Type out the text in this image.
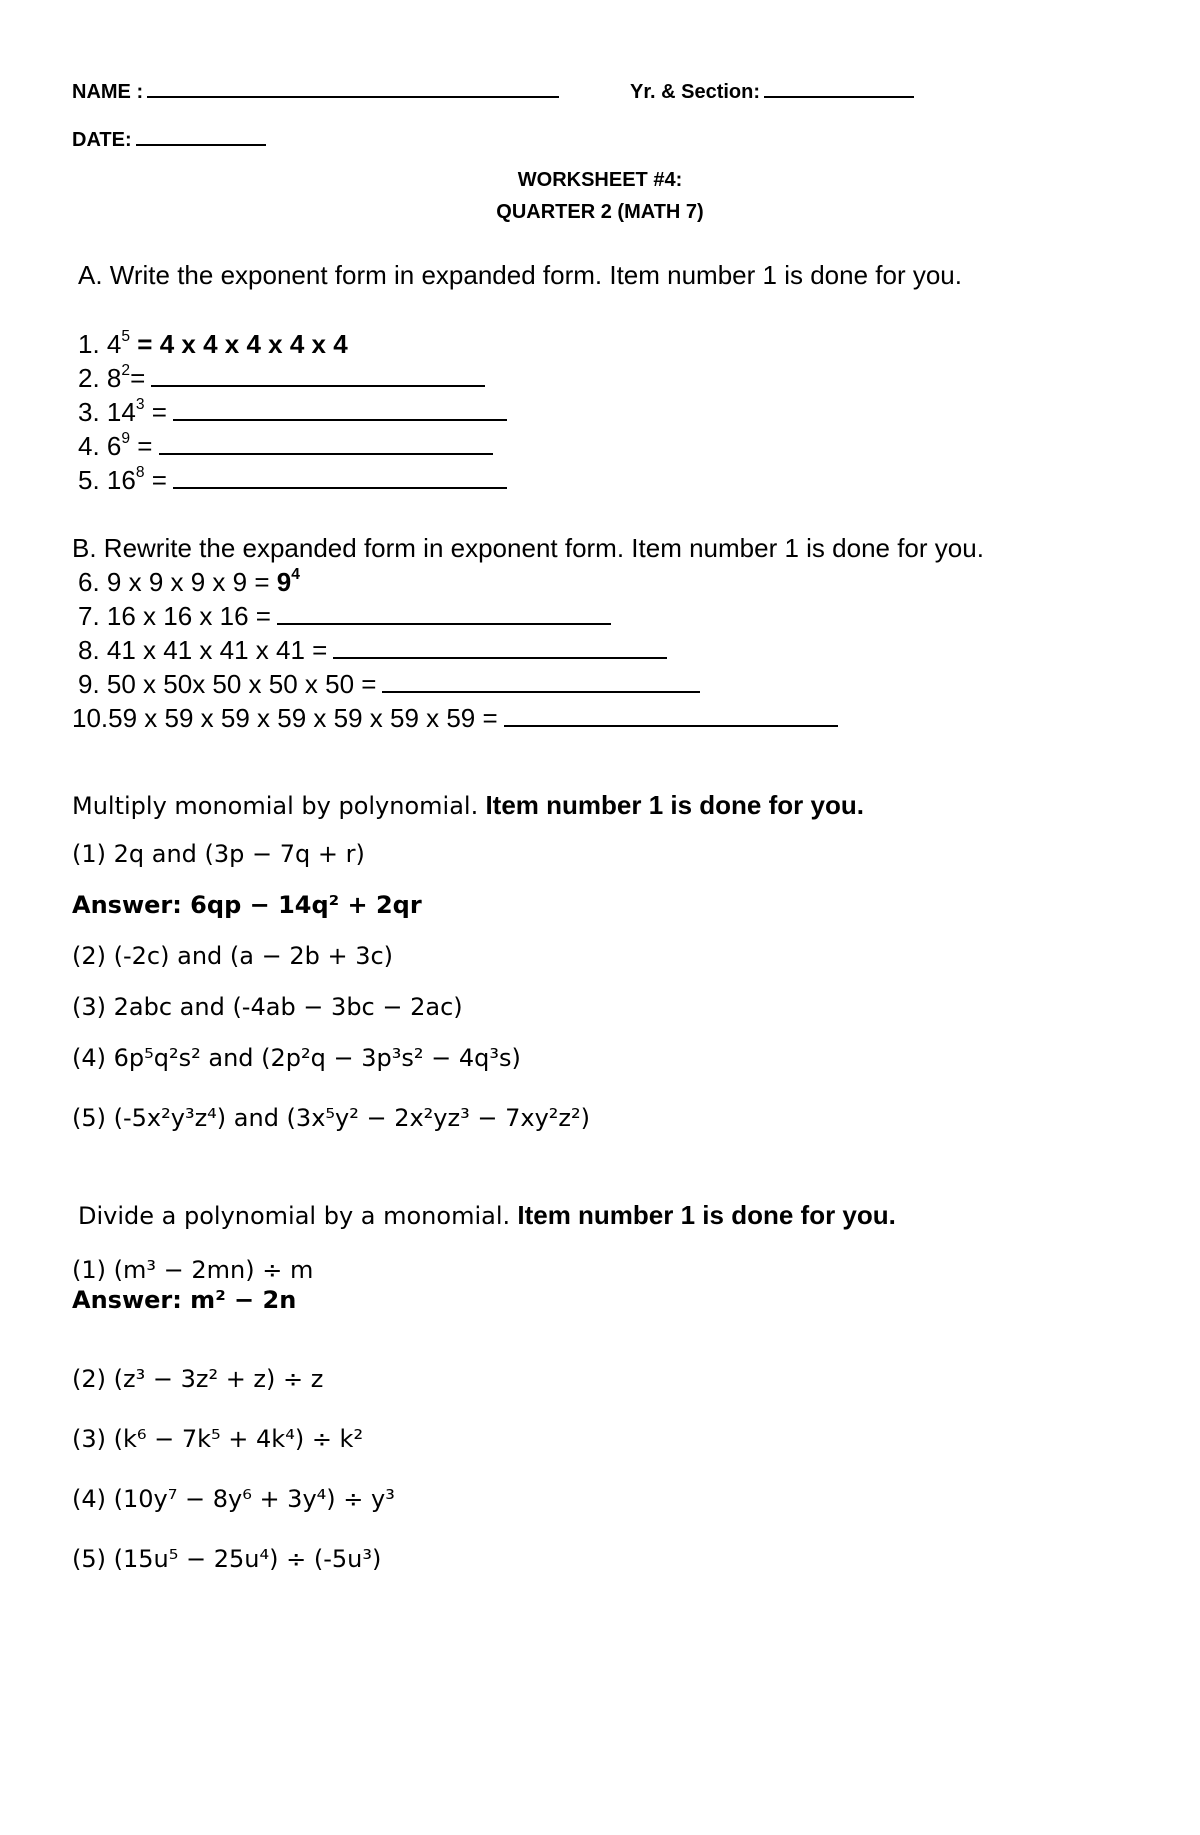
NAME :	Yr. & Section:
DATE:
WORKSHEET #4:
QUARTER 2 (MATH 7)
A. Write the exponent form in expanded form. Item number 1 is done for you.
1. $4^5 = 4$ x 4 x 4 x 4 x 4
2. $8^2=$
3. $14^3$ =
4. $6^9$ =
5. $16^8$ =
B. Rewrite the expanded form in exponent form. Item number 1 is done for you.
6. 9 x 9 x 9 x $9 = 9^4$
7. 16 x 16 x 16 =
8. 41 x 41 x 41 x 41 =
9. 50 x 50x 50 x 50 x 50 =
10.59 x 59 x 59 x 59 x 59 x 59 x 59 =
Multiply monomial by polynomial. Item number 1 is done for you.
(1) 2q and (3p − 7q + r)
Answer: 6qp − 14q² + 2qr
(2) (-2c) and (a − 2b + 3c)
(3) 2abc and (-4ab − 3bc − 2ac)
(4) 6p⁵q²s² and (2p²q − 3p³s² − 4q³s)
(5) (-5x²y³z⁴) and (3x⁵y² − 2x²yz³ − 7xy²z²)
Divide a polynomial by a monomial. Item number 1 is done for you.
(1) (m³ − 2mn) ÷ m
Answer: m² − 2n
(2) (z³ − 3z² + z) ÷ z
(3) (k⁶ − 7k⁵ + 4k⁴) ÷ k²
(4) (10y⁷ − 8y⁶ + 3y⁴) ÷ y³
(5) (15u⁵ − 25u⁴) ÷ (-5u³)
